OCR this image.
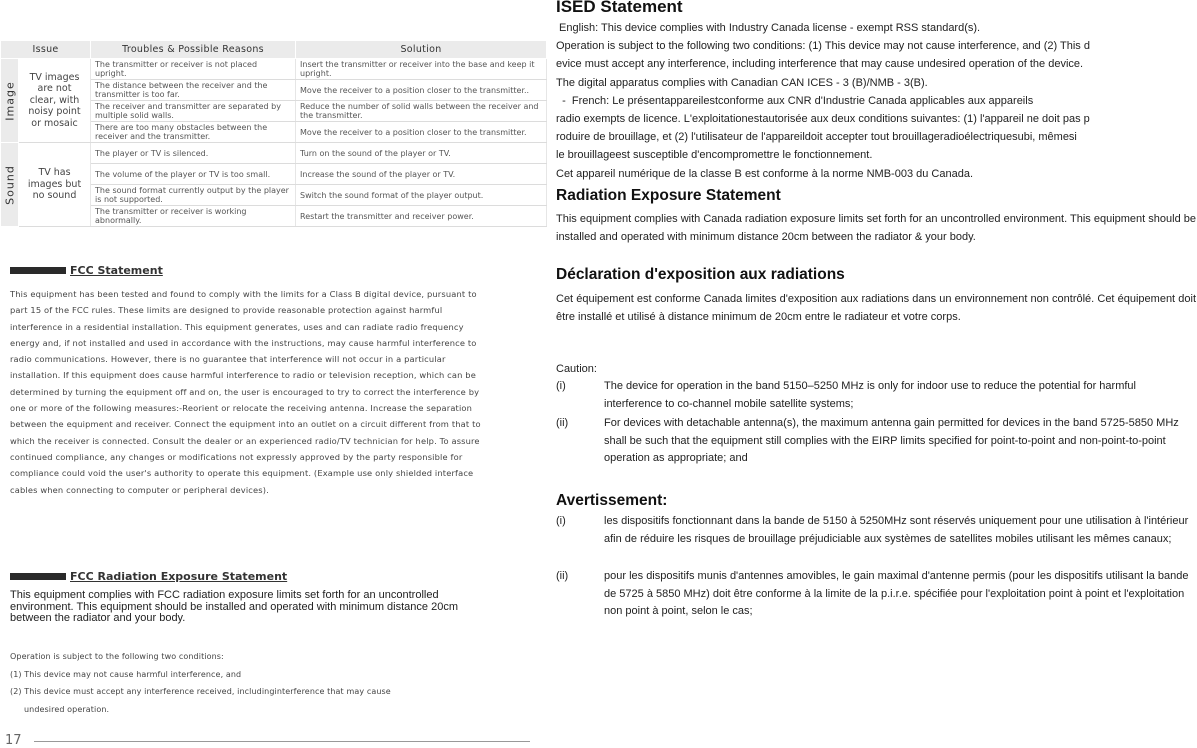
Issue		Troubles & Possible Reasons	Solution

Image	TV images are not clear, with noisy point or mosaic	The transmitter or receiver is not placed upright.	Insert the transmitter or receiver into the base and keep it upright.
		The distance between the receiver and the transmitter is too far.	Move the receiver to a position closer to the transmitter..
		The receiver and transmitter are separated by multiple solid walls.	Reduce the number of solid walls between the receiver and the transmitter.
		There are too many obstacles between the receiver and the transmitter.	Move the receiver to a position closer to the transmitter.

Sound	TV has images but no sound	The player or TV is silenced.	Turn on the sound of the player or TV.
		The volume of the player or TV is too small.	Increase the sound of the player or TV.
		The sound format currently output by the player is not supported.	Switch the sound format of the player output.
		The transmitter or receiver is working abnormally.	Restart the transmitter and receiver power.
FCC Statement

This equipment has been tested and found to comply with the limits for a Class B digital device, pursuant to part 15 of the FCC rules. These limits are designed to provide reasonable protection against harmful interference in a residential installation. This equipment generates, uses and can radiate radio frequency energy and, if not installed and used in accordance with the instructions, may cause harmful interference to radio communications. However, there is no guarantee that interference will not occur in a particular installation. If this equipment does cause harmful interference to radio or television reception, which can be determined by turning the equipment off and on, the user is encouraged to try to correct the interference by one or more of the following measures:-Reorient or relocate the receiving antenna. Increase the separation between the equipment and receiver. Connect the equipment into an outlet on a circuit different from that to which the receiver is connected. Consult the dealer or an experienced radio/TV technician for help. To assure continued compliance, any changes or modifications not expressly approved by the party responsible for compliance could void the user's authority to operate this equipment. (Example use only shielded interface cables when connecting to computer or peripheral devices).

FCC Radiation Exposure Statement

This equipment complies with FCC radiation exposure limits set forth for an uncontrolled environment. This equipment should be installed and operated with minimum distance 20cm between the radiator and your body.

Operation is subject to the following two conditions:
(1) This device may not cause harmful interference, and
(2) This device must accept any interference received, includinginterference that may cause
undesired operation.
17
ISED Statement
English: This device complies with Industry Canada license - exempt RSS standard(s).
Operation is subject to the following two conditions: (1) This device may not cause interference, and (2) This d
evice must accept any interference, including interference that may cause undesired operation of the device.
The digital apparatus complies with Canadian CAN ICES - 3 (B)/NMB - 3(B).
-  French: Le présentappareilestconforme aux CNR d'Industrie Canada applicables aux appareils
radio exempts de licence. L'exploitationestautorisée aux deux conditions suivantes: (1) l'appareil ne doit pas p
roduire de brouillage, et (2) l'utilisateur de l'appareildoit accepter tout brouillageradioélectriquesubi, mêmesi
le brouillageest susceptible d'encompromettre le fonctionnement.
Cet appareil numérique de la classe B est conforme à la norme NMB-003 du Canada.
Radiation Exposure Statement

This equipment complies with Canada radiation exposure limits set forth for an uncontrolled environment. This equipment should be installed and operated with minimum distance 20cm between the radiator & your body.

Déclaration d'exposition aux radiations

Cet équipement est conforme Canada limites d'exposition aux radiations dans un environnement non contrôlé. Cet équipement doit être installé et utilisé à distance minimum de 20cm entre le radiateur et votre corps.

Caution:
(i)	The device for operation in the band 5150–5250 MHz is only for indoor use to reduce the potential for harmful interference to co-channel mobile satellite systems;
(ii)	For devices with detachable antenna(s), the maximum antenna gain permitted for devices in the band 5725-5850 MHz shall be such that the equipment still complies with the EIRP limits specified for point-to-point and non-point-to-point operation as appropriate; and
Avertissement:
(i)	les dispositifs fonctionnant dans la bande de 5150 à 5250MHz sont réservés uniquement pour une utilisation à l'intérieur afin de réduire les risques de brouillage préjudiciable aux systèmes de satellites mobiles utilisant les mêmes canaux;
(ii)	pour les dispositifs munis d'antennes amovibles, le gain maximal d'antenne permis (pour les dispositifs utilisant la bande de 5725 à 5850 MHz) doit être conforme à la limite de la p.i.r.e. spécifiée pour l'exploitation point à point et l'exploitation non point à point, selon le cas;
